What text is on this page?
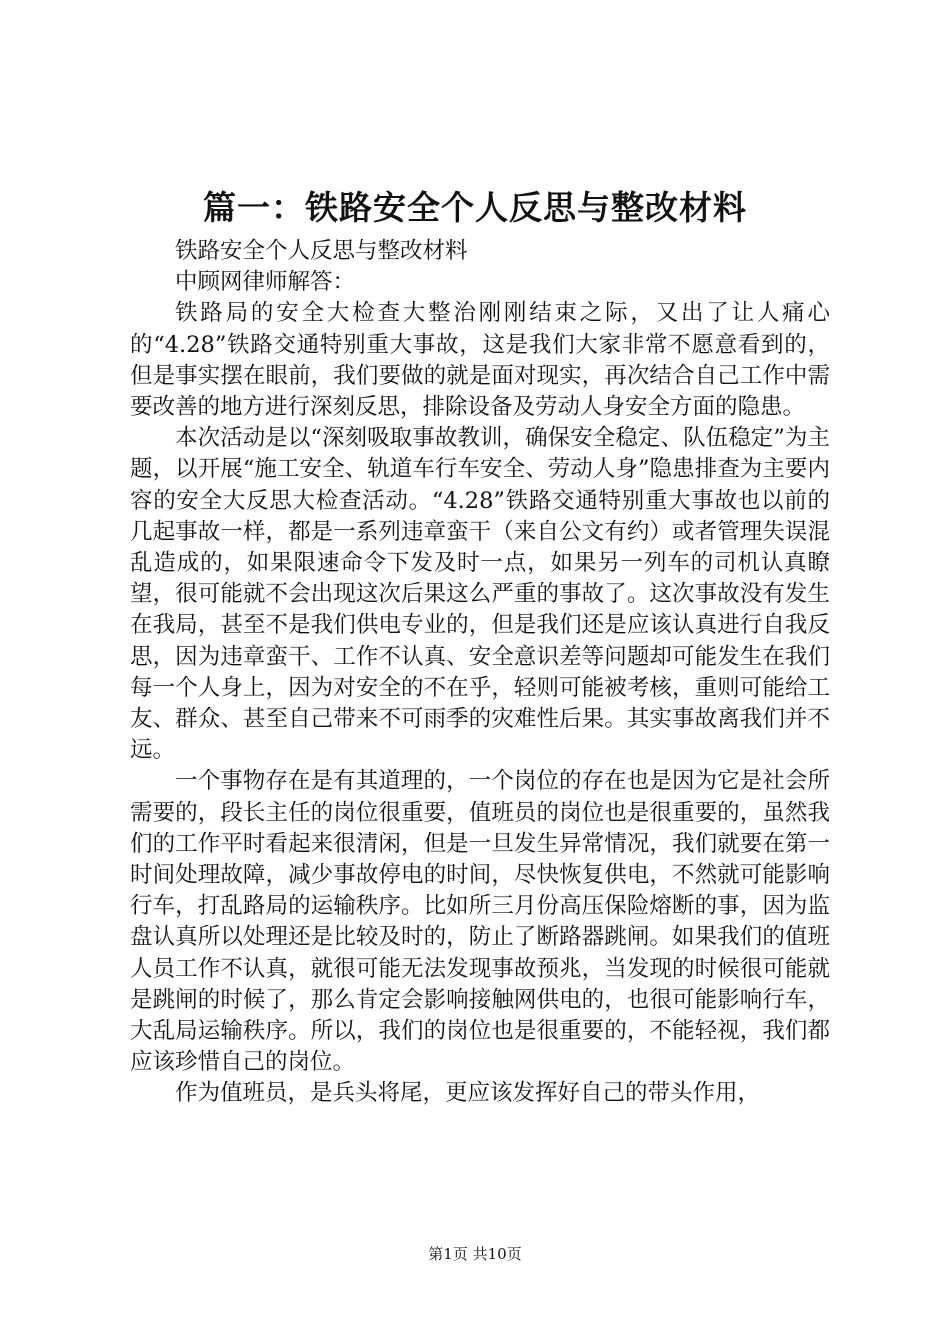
篇一：铁路安全个人反思与整改材料

铁路安全个人反思与整改材料

中顾网律师解答：

铁路局的安全大检查大整治刚刚结束之际，又出了让人痛心的“4.28”铁路交通特别重大事故，这是我们大家非常不愿意看到的，但是事实摆在眼前，我们要做的就是面对现实，再次结合自己工作中需要改善的地方进行深刻反思，排除设备及劳动人身安全方面的隐患。

本次活动是以“深刻吸取事故教训，确保安全稳定、队伍稳定”为主题，以开展“施工安全、轨道车行车安全、劳动人身”隐患排查为主要内容的安全大反思大检查活动。“4.28”铁路交通特别重大事故也以前的几起事故一样，都是一系列违章蛮干（来自公文有约）或者管理失误混乱造成的，如果限速命令下发及时一点，如果另一列车的司机认真瞭望，很可能就不会出现这次后果这么严重的事故了。这次事故没有发生在我局，甚至不是我们供电专业的，但是我们还是应该认真进行自我反思，因为违章蛮干、工作不认真、安全意识差等问题却可能发生在我们每一个人身上，因为对安全的不在乎，轻则可能被考核，重则可能给工友、群众、甚至自己带来不可雨季的灾难性后果。其实事故离我们并不远。

一个事物存在是有其道理的，一个岗位的存在也是因为它是社会所需要的，段长主任的岗位很重要，值班员的岗位也是很重要的，虽然我们的工作平时看起来很清闲，但是一旦发生异常情况，我们就要在第一时间处理故障，减少事故停电的时间，尽快恢复供电，不然就可能影响行车，打乱路局的运输秩序。比如所三月份高压保险熔断的事，因为监盘认真所以处理还是比较及时的，防止了断路器跳闸。如果我们的值班人员工作不认真，就很可能无法发现事故预兆，当发现的时候很可能就是跳闸的时候了，那么肯定会影响接触网供电的，也很可能影响行车，大乱局运输秩序。所以，我们的岗位也是很重要的，不能轻视，我们都应该珍惜自己的岗位。

作为值班员，是兵头将尾，更应该发挥好自己的带头作用，

第1页 共10页
